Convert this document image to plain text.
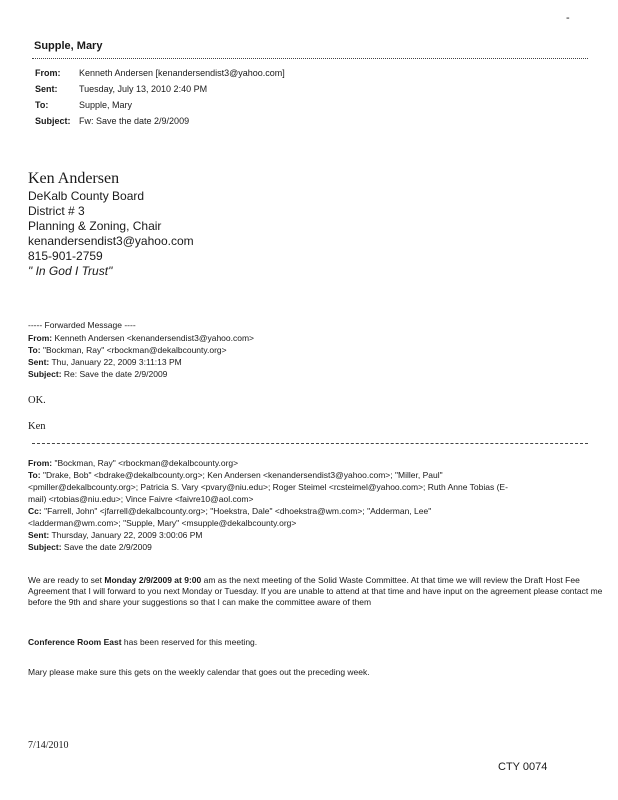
-
Supple, Mary
From: Kenneth Andersen [kenandersendist3@yahoo.com]
Sent: Tuesday, July 13, 2010 2:40 PM
To:	Supple, Mary
Subject: Fw: Save the date 2/9/2009
Ken Andersen
DeKalb County Board
District # 3
Planning & Zoning, Chair
kenandersendist3@yahoo.com
815-901-2759
" In God I Trust"
----- Forwarded Message ----
From: Kenneth Andersen <kenandersendist3@yahoo.com>
To: "Bockman, Ray" <rbockman@dekalbcounty.org>
Sent: Thu, January 22, 2009 3:11:13 PM
Subject: Re: Save the date 2/9/2009
OK.
Ken
From: "Bockman, Ray" <rbockman@dekalbcounty.org>
To: "Drake, Bob" <bdrake@dekalbcounty.org>; Ken Andersen <kenandersendist3@yahoo.com>; "Miller, Paul"
<pmiller@dekalbcounty.org>; Patricia S. Vary <pvary@niu.edu>; Roger Steimel <rcsteimel@yahoo.com>; Ruth Anne Tobias (E-
mail) <rtobias@niu.edu>; Vince Faivre <faivre10@aol.com>
Cc: "Farrell, John" <jfarrell@dekalbcounty.org>; "Hoekstra, Dale" <dhoekstra@wm.com>; "Adderman, Lee"
<ladderman@wm.com>; "Supple, Mary" <msupple@dekalbcounty.org>
Sent: Thursday, January 22, 2009 3:00:06 PM
Subject: Save the date 2/9/2009
We are ready to set Monday 2/9/2009 at 9:00 am as the next meeting of the Solid Waste Committee. At that time we will review the Draft Host Fee Agreement that I will forward to you next Monday or Tuesday. If you are unable to attend at that time and have input on the agreement please contact me before the 9th and share your suggestions so that I can make the committee aware of them
Conference Room East has been reserved for this meeting.
Mary please make sure this gets on the weekly calendar that goes out the preceding week.
7/14/2010
CTY 0074
